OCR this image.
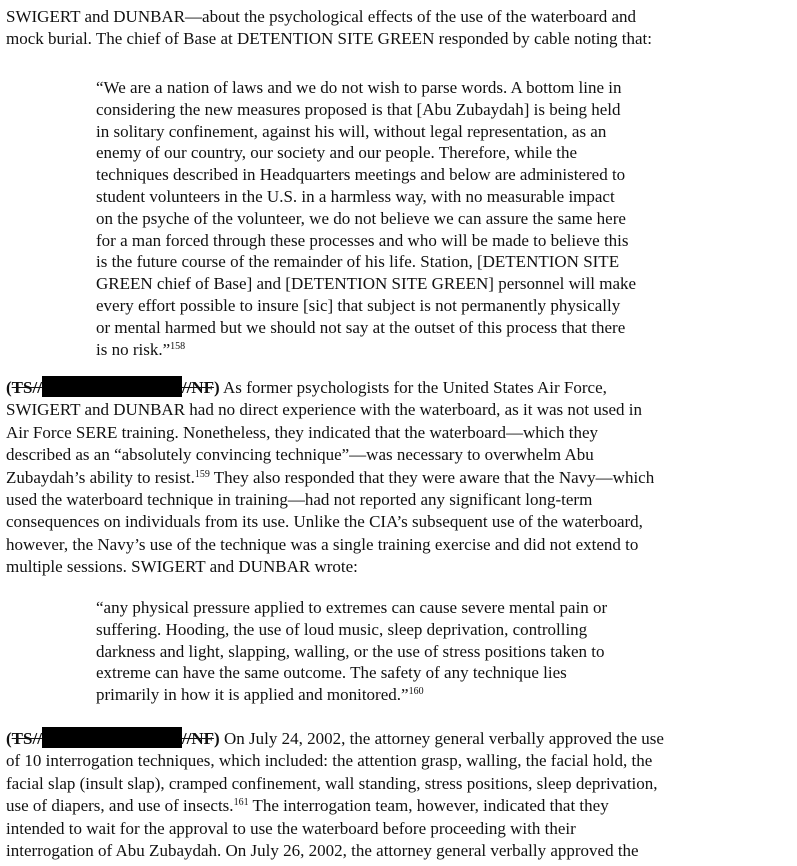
SWIGERT and DUNBAR—about the psychological effects of the use of the waterboard and
mock burial. The chief of Base at DETENTION SITE GREEN responded by cable noting that:

“We are a nation of laws and we do not wish to parse words. A bottom line in
considering the new measures proposed is that [Abu Zubaydah] is being held
in solitary confinement, against his will, without legal representation, as an
enemy of our country, our society and our people. Therefore, while the
techniques described in Headquarters meetings and below are administered to
student volunteers in the U.S. in a harmless way, with no measurable impact
on the psyche of the volunteer, we do not believe we can assure the same here
for a man forced through these processes and who will be made to believe this
is the future course of the remainder of his life. Station, [DETENTION SITE
GREEN chief of Base] and [DETENTION SITE GREEN] personnel will make
every effort possible to insure [sic] that subject is not permanently physically
or mental harmed but we should not say at the outset of this process that there
is no risk.”$^{158}$

(TS//	//NF) As former psychologists for the United States Air Force,
SWIGERT and DUNBAR had no direct experience with the waterboard, as it was not used in
Air Force SERE training. Nonetheless, they indicated that the waterboard—which they
described as an “absolutely convincing technique”—was necessary to overwhelm Abu
Zubaydah’s ability to resist.$^{159}$ They also responded that they were aware that the Navy—which
used the waterboard technique in training—had not reported any significant long-term
consequences on individuals from its use. Unlike the CIA’s subsequent use of the waterboard,
however, the Navy’s use of the technique was a single training exercise and did not extend to
multiple sessions. SWIGERT and DUNBAR wrote:

“any physical pressure applied to extremes can cause severe mental pain or
suffering. Hooding, the use of loud music, sleep deprivation, controlling
darkness and light, slapping, walling, or the use of stress positions taken to
extreme can have the same outcome. The safety of any technique lies
primarily in how it is applied and monitored.”$^{160}$

(TS//	//NF) On July 24, 2002, the attorney general verbally approved the use
of 10 interrogation techniques, which included: the attention grasp, walling, the facial hold, the
facial slap (insult slap), cramped confinement, wall standing, stress positions, sleep deprivation,
use of diapers, and use of insects.$^{161}$ The interrogation team, however, indicated that they
intended to wait for the approval to use the waterboard before proceeding with their
interrogation of Abu Zubaydah. On July 26, 2002, the attorney general verbally approved the
